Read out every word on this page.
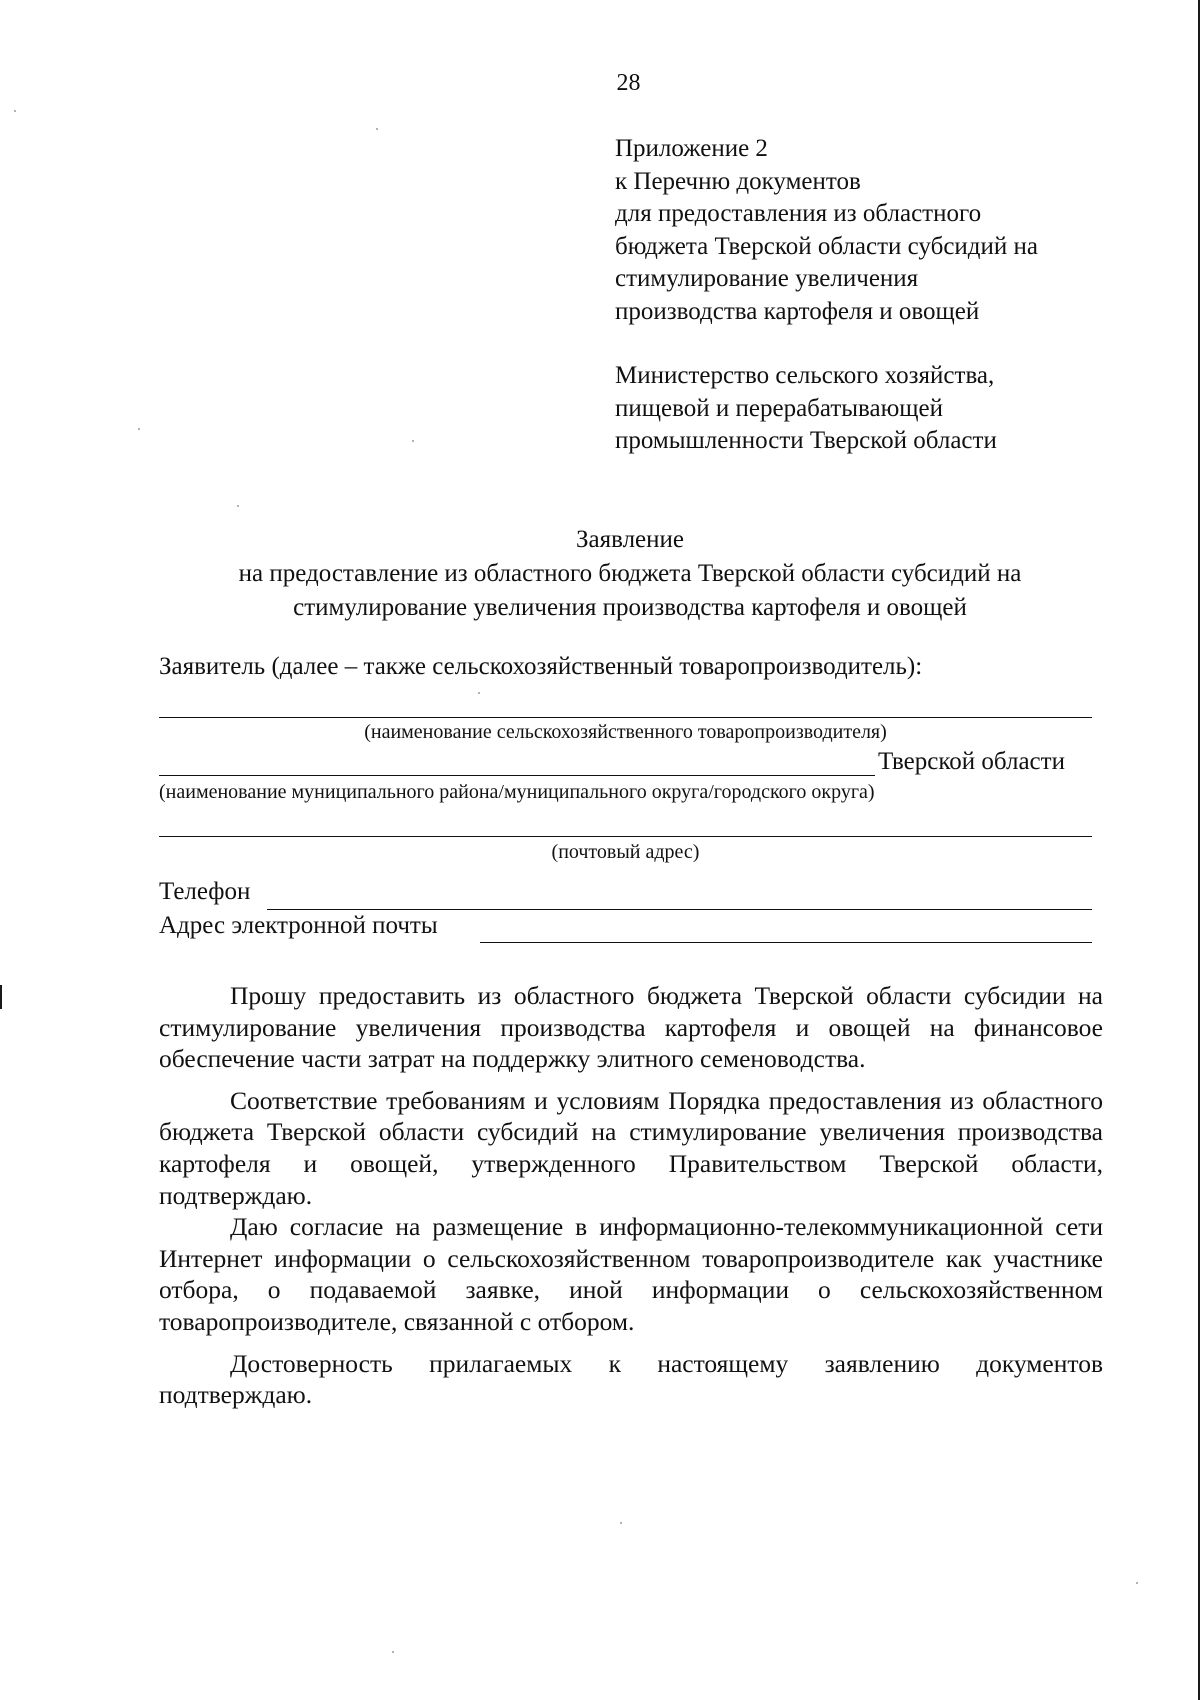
28
Приложение 2
к Перечню документов
для предоставления из областного
бюджета Тверской области субсидий на
стимулирование увеличения
производства картофеля и овощей
Министерство сельского хозяйства,
пищевой и перерабатывающей
промышленности Тверской области
Заявление
на предоставление из областного бюджета Тверской области субсидий на
стимулирование увеличения производства картофеля и овощей
Заявитель (далее – также сельскохозяйственный товаропроизводитель):
(наименование сельскохозяйственного товаропроизводителя)
Тверской области
(наименование муниципального района/муниципального округа/городского округа)
(почтовый адрес)
Телефон
Адрес электронной почты

Прошу предоставить из областного бюджета Тверской области субсидии на стимулирование увеличения производства картофеля и овощей на финансовое обеспечение части затрат на поддержку элитного семеноводства.

Соответствие требованиям и условиям Порядка предоставления из областного бюджета Тверской области субсидий на стимулирование увеличения производства картофеля и овощей, утвержденного Правительством Тверской области, подтверждаю.

Даю согласие на размещение в информационно-телекоммуникационной сети Интернет информации о сельскохозяйственном товаропроизводителе как участнике отбора, о подаваемой заявке, иной информации о сельскохозяйственном товаропроизводителе, связанной с отбором.

Достоверность прилагаемых к настоящему заявлению документов подтверждаю.
